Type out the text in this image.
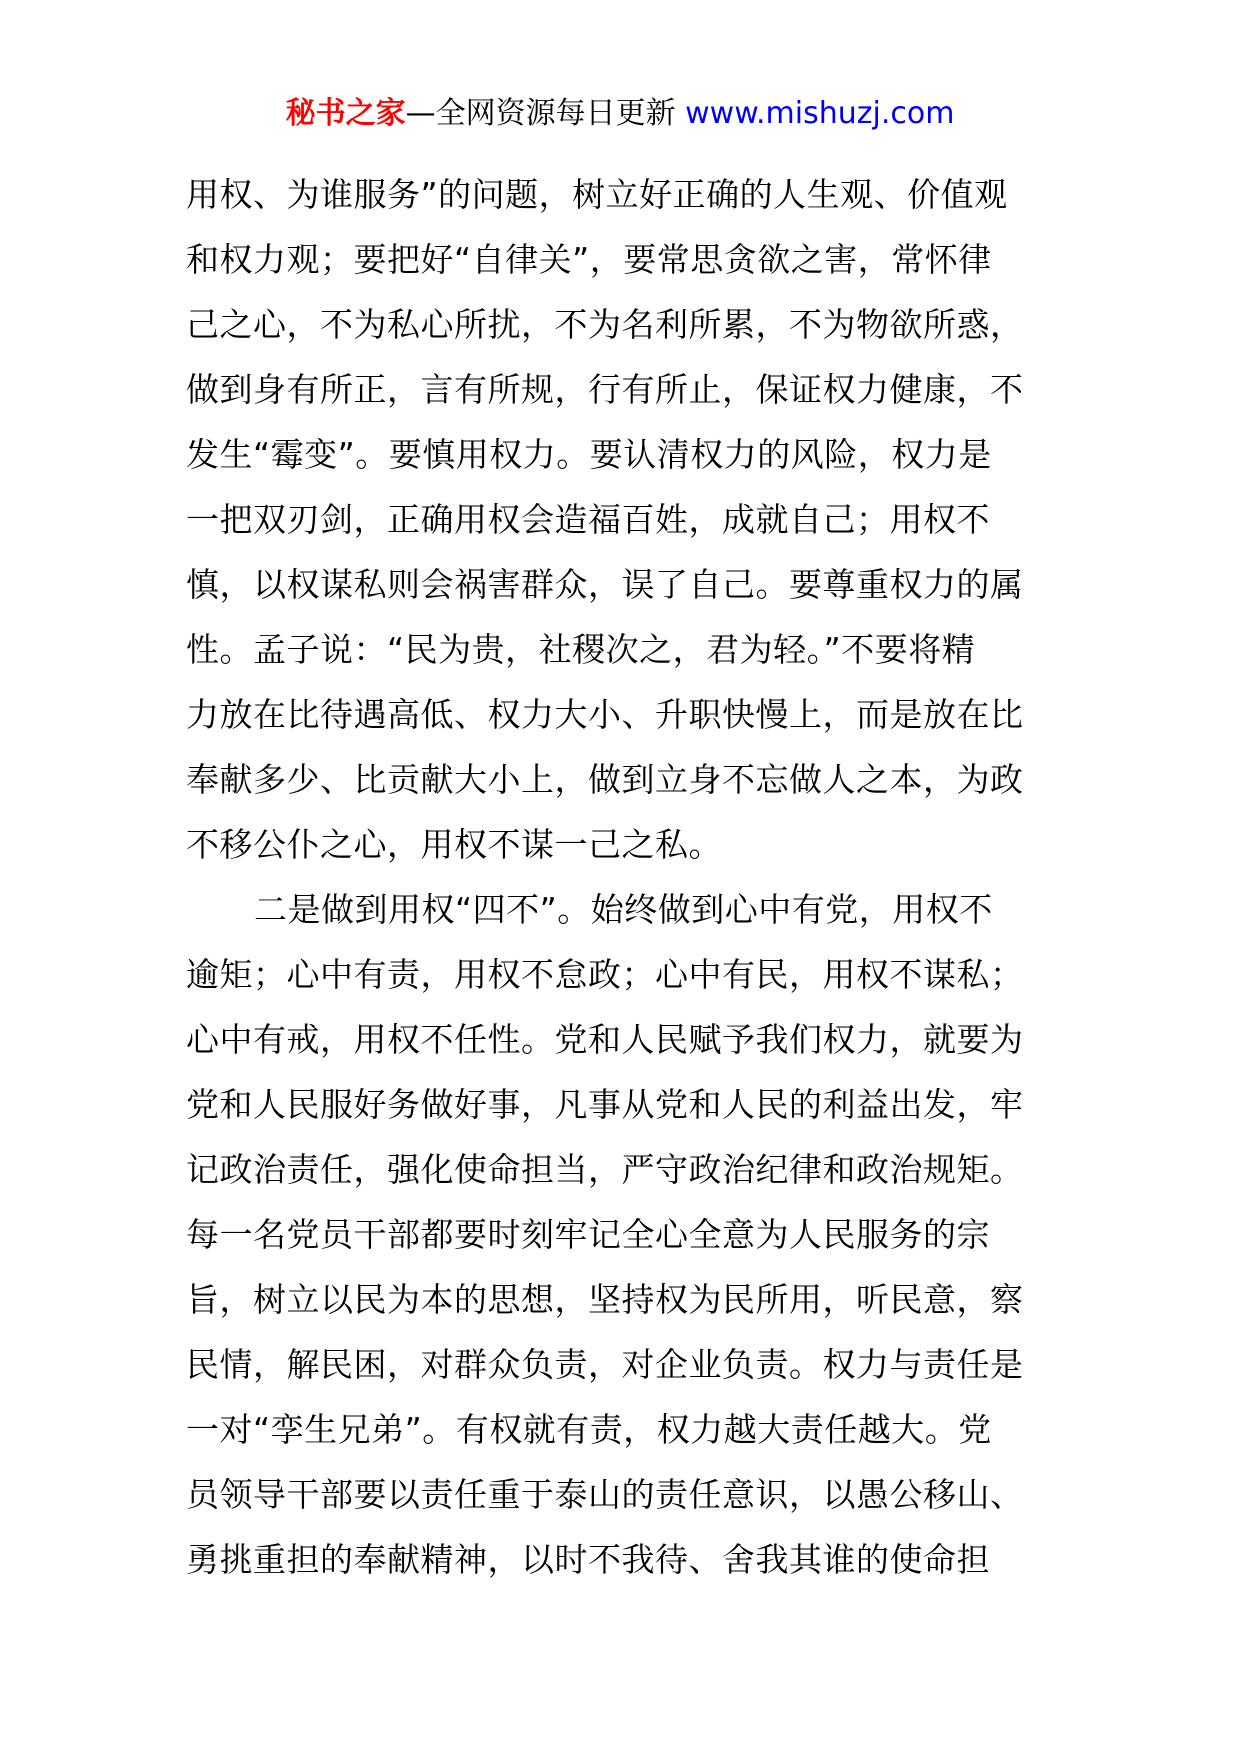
秘书之家—全网资源每日更新 www.mishuzj.com
用权、为谁服务”的问题，树立好正确的人生观、价值观
和权力观；要把好“自律关”，要常思贪欲之害，常怀律
己之心，不为私心所扰，不为名利所累，不为物欲所惑，
做到身有所正，言有所规，行有所止，保证权力健康，不
发生“霉变”。要慎用权力。要认清权力的风险，权力是
一把双刃剑，正确用权会造福百姓，成就自己；用权不
慎，以权谋私则会祸害群众，误了自己。要尊重权力的属
性。孟子说：“民为贵，社稷次之，君为轻。”不要将精
力放在比待遇高低、权力大小、升职快慢上，而是放在比
奉献多少、比贡献大小上，做到立身不忘做人之本，为政
不移公仆之心，用权不谋一己之私。
二是做到用权“四不”。始终做到心中有党，用权不
逾矩；心中有责，用权不怠政；心中有民，用权不谋私；
心中有戒，用权不任性。党和人民赋予我们权力，就要为
党和人民服好务做好事，凡事从党和人民的利益出发，牢
记政治责任，强化使命担当，严守政治纪律和政治规矩。
每一名党员干部都要时刻牢记全心全意为人民服务的宗
旨，树立以民为本的思想，坚持权为民所用，听民意，察
民情，解民困，对群众负责，对企业负责。权力与责任是
一对“孪生兄弟”。有权就有责，权力越大责任越大。党
员领导干部要以责任重于泰山的责任意识，以愚公移山、
勇挑重担的奉献精神，以时不我待、舍我其谁的使命担
